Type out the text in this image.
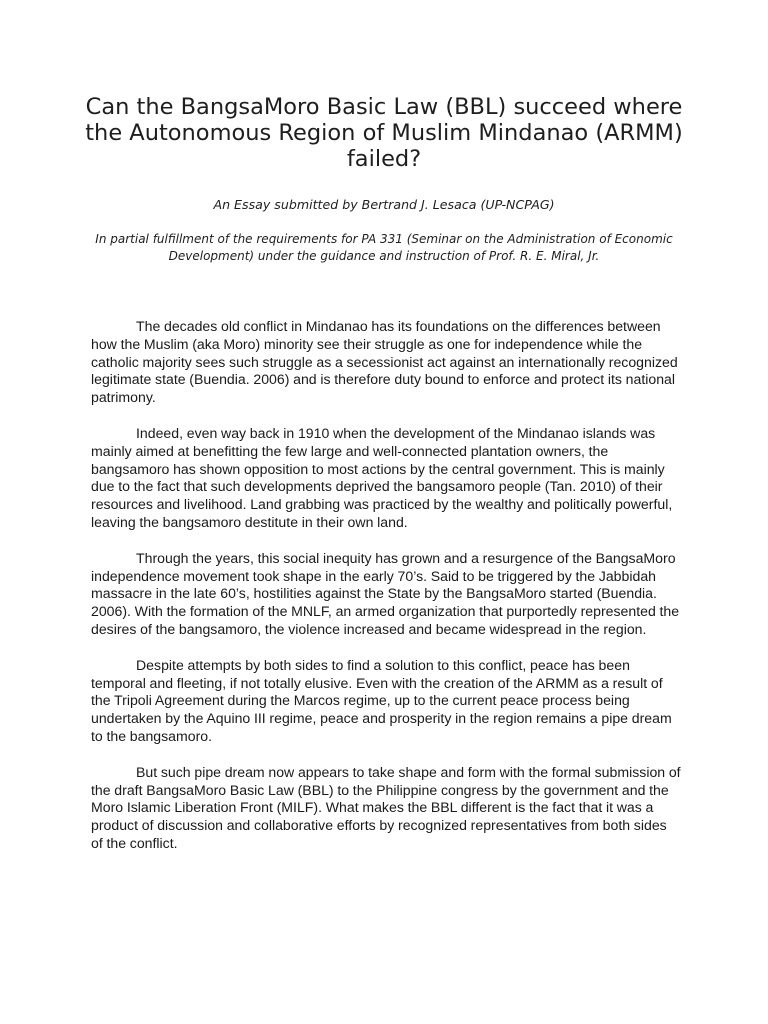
Can the BangsaMoro Basic Law (BBL) succeed where the Autonomous Region of Muslim Mindanao (ARMM) failed?

An Essay submitted by Bertrand J. Lesaca (UP-NCPAG)

In partial fulfillment of the requirements for PA 331 (Seminar on the Administration of Economic Development) under the guidance and instruction of Prof. R. E. Miral, Jr.

The decades old conflict in Mindanao has its foundations on the differences between how the Muslim (aka Moro) minority see their struggle as one for independence while the catholic majority sees such struggle as a secessionist act against an internationally recognized legitimate state (Buendia. 2006) and is therefore duty bound to enforce and protect its national patrimony.

Indeed, even way back in 1910 when the development of the Mindanao islands was mainly aimed at benefitting the few large and well-connected plantation owners, the bangsamoro has shown opposition to most actions by the central government. This is mainly due to the fact that such developments deprived the bangsamoro people (Tan. 2010) of their resources and livelihood. Land grabbing was practiced by the wealthy and politically powerful, leaving the bangsamoro destitute in their own land.

Through the years, this social inequity has grown and a resurgence of the BangsaMoro independence movement took shape in the early 70’s. Said to be triggered by the Jabbidah massacre in the late 60’s, hostilities against the State by the BangsaMoro started (Buendia. 2006). With the formation of the MNLF, an armed organization that purportedly represented the desires of the bangsamoro, the violence increased and became widespread in the region.

Despite attempts by both sides to find a solution to this conflict, peace has been temporal and fleeting, if not totally elusive. Even with the creation of the ARMM as a result of the Tripoli Agreement during the Marcos regime, up to the current peace process being undertaken by the Aquino III regime, peace and prosperity in the region remains a pipe dream to the bangsamoro.

But such pipe dream now appears to take shape and form with the formal submission of the draft BangsaMoro Basic Law (BBL) to the Philippine congress by the government and the Moro Islamic Liberation Front (MILF). What makes the BBL different is the fact that it was a product of discussion and collaborative efforts by recognized representatives from both sides of the conflict.
